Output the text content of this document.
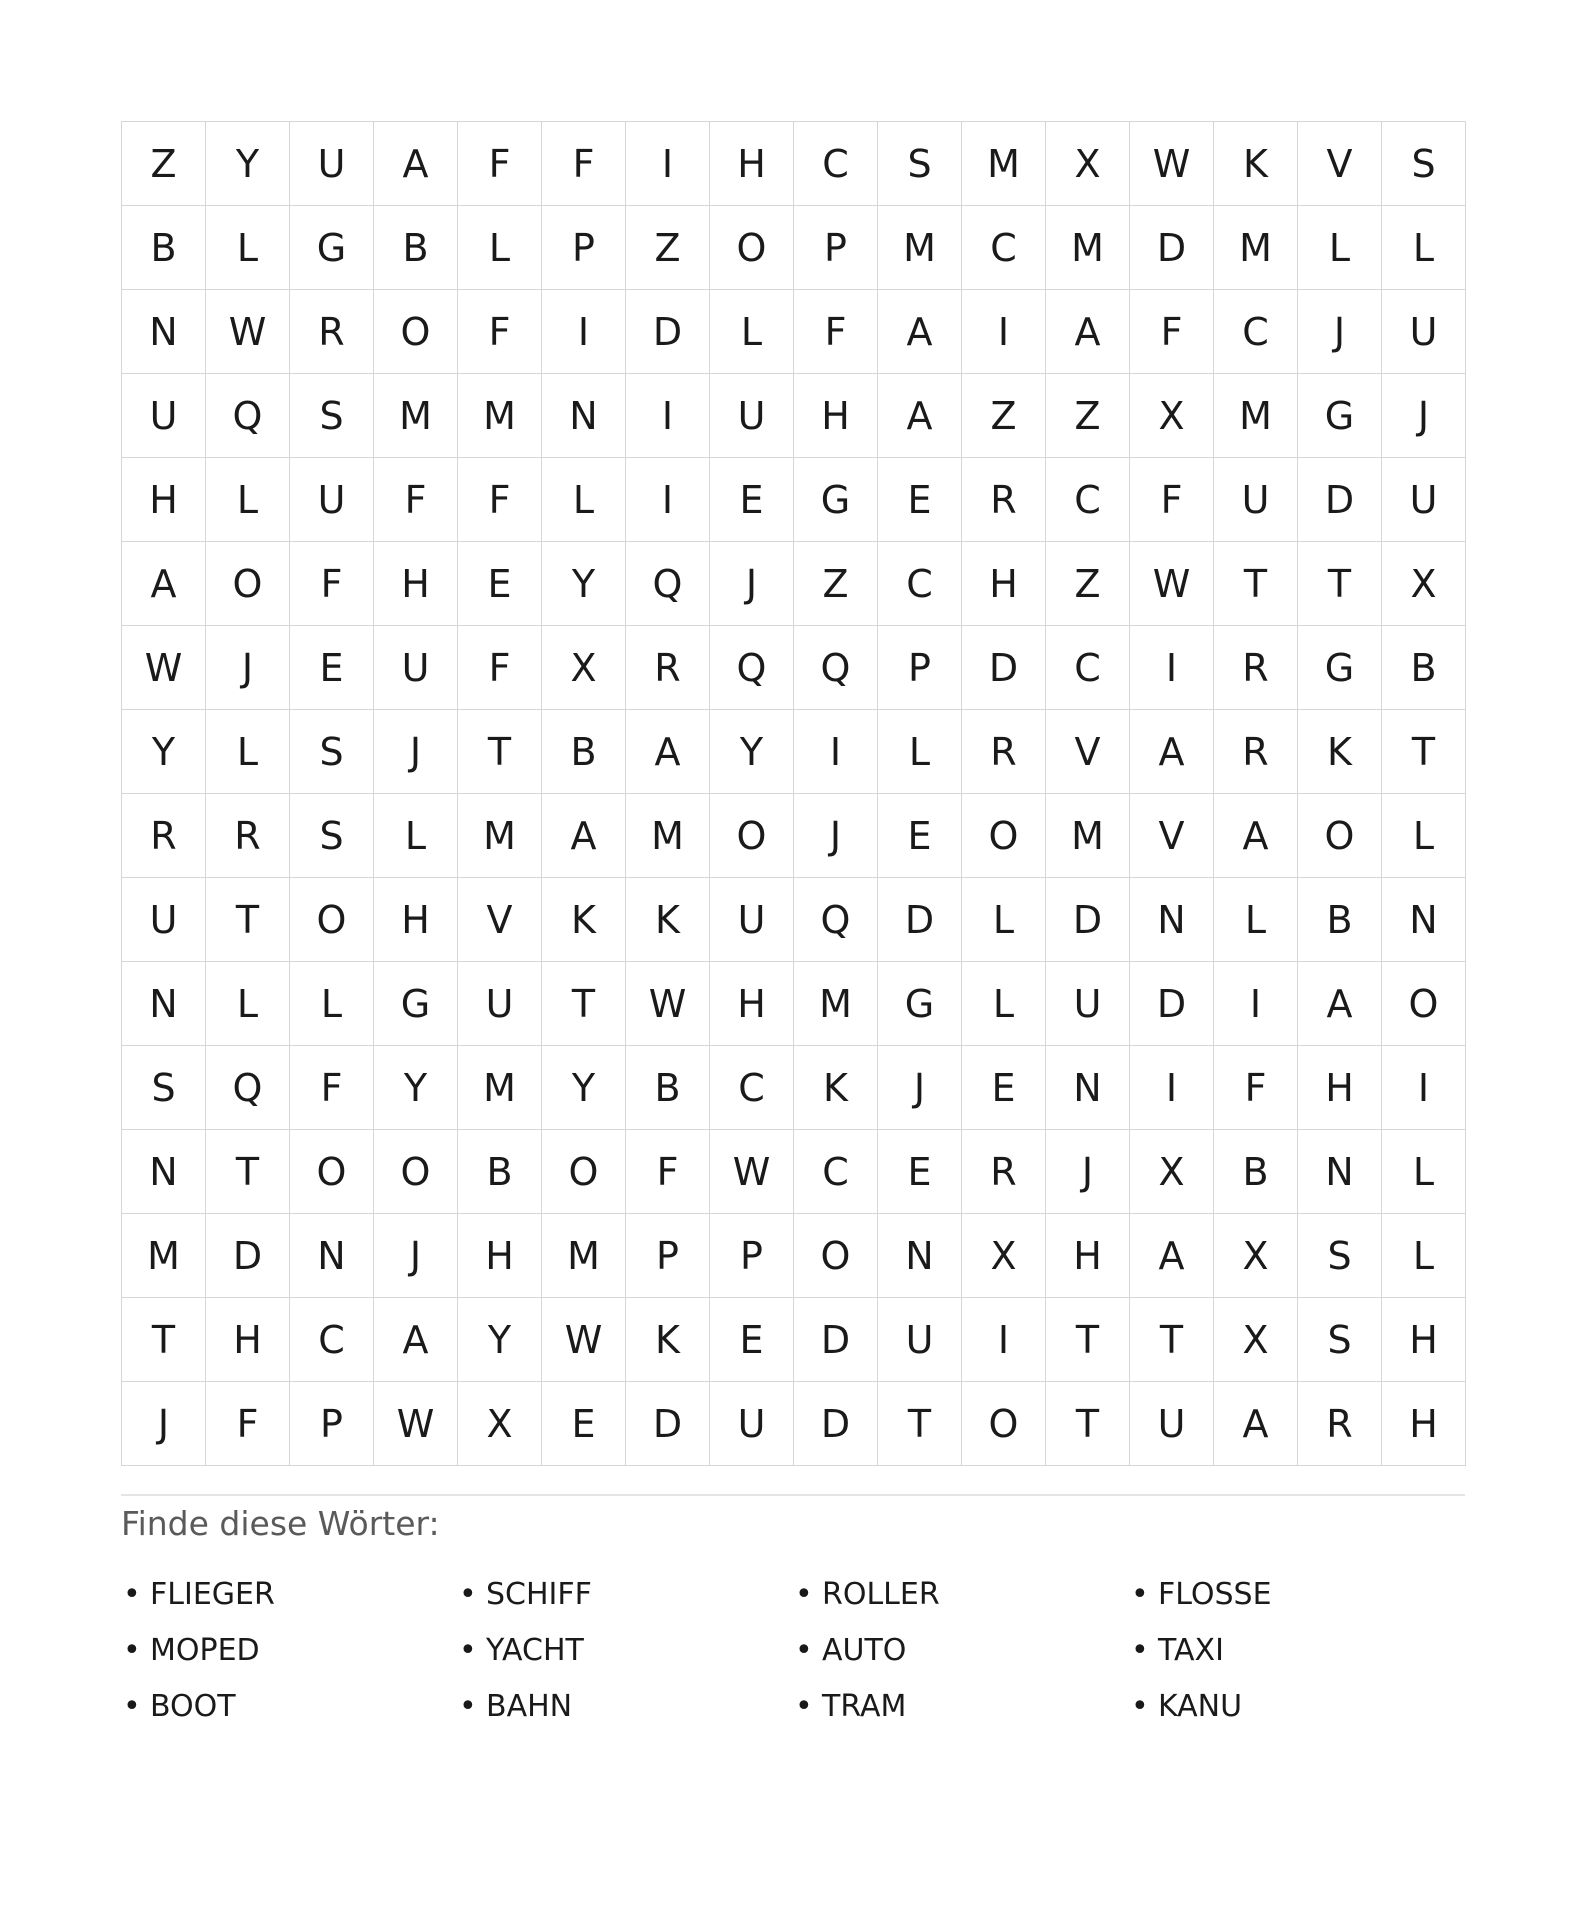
Z	Y	U	A	F	F	I	H	C	S	M	X	W	K	V	S
B	L	G	B	L	P	Z	O	P	M	C	M	D	M	L	L
N	W	R	O	F	I	D	L	F	A	I	A	F	C	J	U
U	Q	S	M	M	N	I	U	H	A	Z	Z	X	M	G	J
H	L	U	F	F	L	I	E	G	E	R	C	F	U	D	U
A	O	F	H	E	Y	Q	J	Z	C	H	Z	W	T	T	X
W	J	E	U	F	X	R	Q	Q	P	D	C	I	R	G	B
Y	L	S	J	T	B	A	Y	I	L	R	V	A	R	K	T
R	R	S	L	M	A	M	O	J	E	O	M	V	A	O	L
U	T	O	H	V	K	K	U	Q	D	L	D	N	L	B	N
N	L	L	G	U	T	W	H	M	G	L	U	D	I	A	O
S	Q	F	Y	M	Y	B	C	K	J	E	N	I	F	H	I
N	T	O	O	B	O	F	W	C	E	R	J	X	B	N	L
M	D	N	J	H	M	P	P	O	N	X	H	A	X	S	L
T	H	C	A	Y	W	K	E	D	U	I	T	T	X	S	H
J	F	P	W	X	E	D	U	D	T	O	T	U	A	R	H
Finde diese Wörter:
• FLIEGER	• SCHIFF	• ROLLER	• FLOSSE
• MOPED	• YACHT	• AUTO	• TAXI
• BOOT	• BAHN	• TRAM	• KANU
